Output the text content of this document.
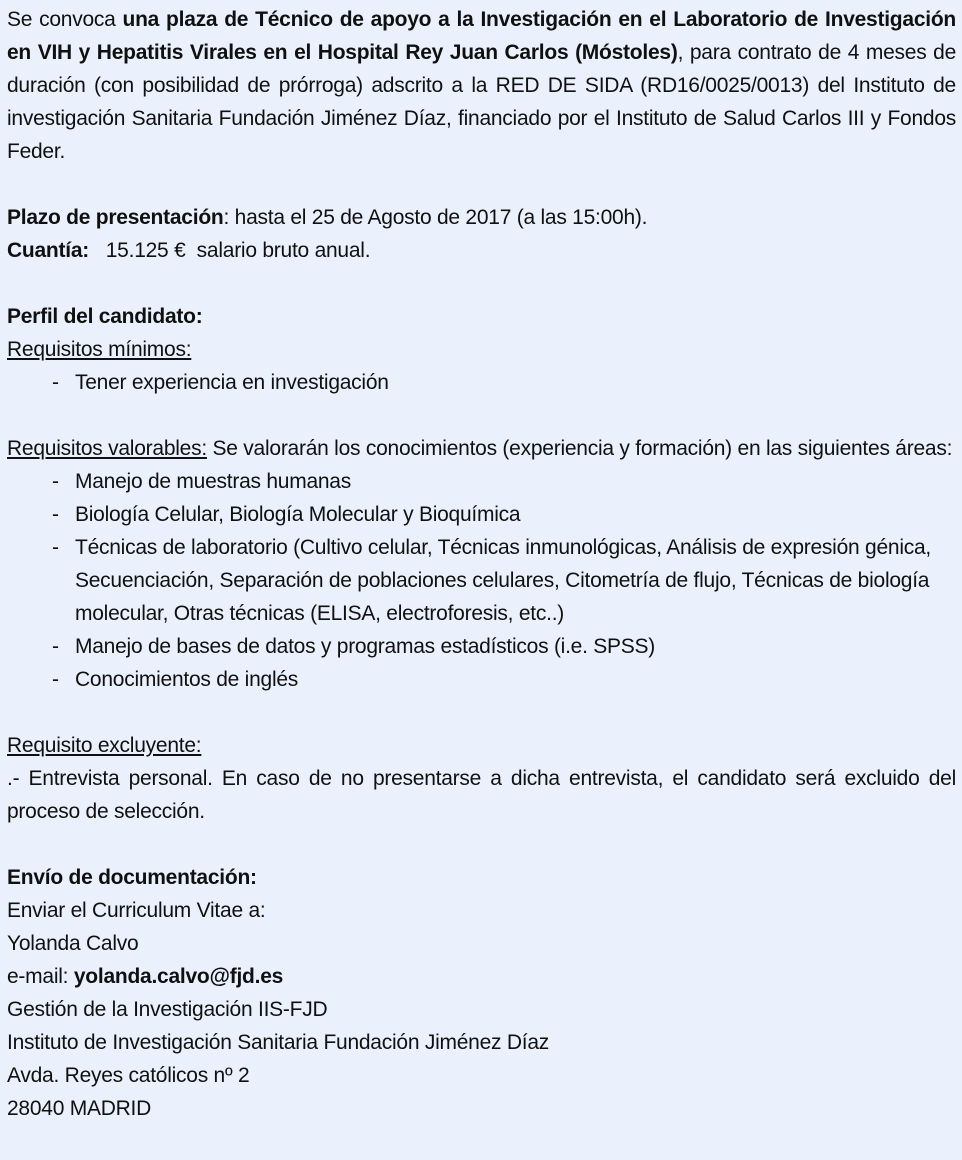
Se convoca una plaza de Técnico de apoyo a la Investigación en el Laboratorio de Investigación en VIH y Hepatitis Virales en el Hospital Rey Juan Carlos (Móstoles), para contrato de 4 meses de duración (con posibilidad de prórroga) adscrito a la RED DE SIDA (RD16/0025/0013) del Instituto de investigación Sanitaria Fundación Jiménez Díaz, financiado por el Instituto de Salud Carlos III y Fondos Feder.

Plazo de presentación: hasta el 25 de Agosto de 2017 (a las 15:00h).

Cuantía:   15.125 €  salario bruto anual.

Perfil del candidato:

Requisitos mínimos:

- Tener experiencia en investigación

Requisitos valorables: Se valorarán los conocimientos (experiencia y formación) en las siguientes áreas:

- Manejo de muestras humanas
- Biología Celular, Biología Molecular y Bioquímica
- Técnicas de laboratorio (Cultivo celular, Técnicas inmunológicas, Análisis de expresión génica, Secuenciación, Separación de poblaciones celulares, Citometría de flujo, Técnicas de biología molecular, Otras técnicas (ELISA, electroforesis, etc..)
- Manejo de bases de datos y programas estadísticos (i.e. SPSS)
- Conocimientos de inglés

Requisito excluyente:

.- Entrevista personal. En caso de no presentarse a dicha entrevista, el candidato será excluido del proceso de selección.

Envío de documentación:

Enviar el Curriculum Vitae a:

Yolanda Calvo

e-mail: yolanda.calvo@fjd.es

Gestión de la Investigación IIS-FJD

Instituto de Investigación Sanitaria Fundación Jiménez Díaz

Avda. Reyes católicos nº 2

28040 MADRID
